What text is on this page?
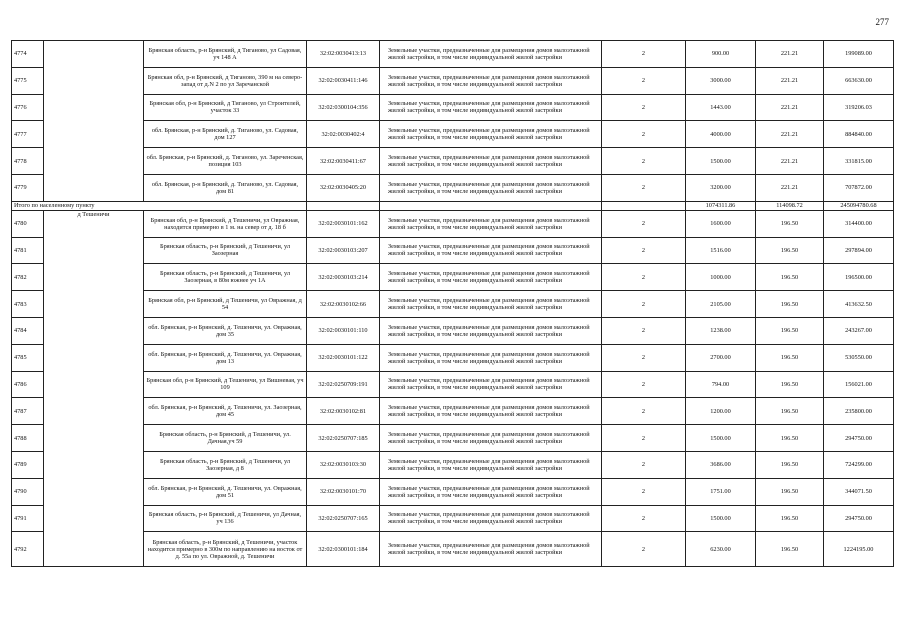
277
4774		Брянская область, р-н Брянский, д Тиганово, ул Садовая, уч 148 А	32:02:0030413:13	Земельные участки, предназначенные для размещения домов малоэтажной жилой застройки, в том числе индивидуальной жилой застройки	2	900.00	221.21	199089.00
4775		Брянская обл, р-н Брянский, д Тиганово, 390 м на северо-запад от д.N 2 по ул Заречанской	32:02:0030411:146	Земельные участки, предназначенные для размещения домов малоэтажной жилой застройки, в том числе индивидуальной жилой застройки	2	3000.00	221.21	663630.00
4776		Брянская обл, р-н Брянский, д Тиганово, ул Строителей, участок 33	32:02:0300104:356	Земельные участки, предназначенные для размещения домов малоэтажной жилой застройки, в том числе индивидуальной жилой застройки	2	1443.00	221.21	319206.03
4777		обл. Брянская, р-н Брянский, д. Тиганово, ул. Садовая, дом 127	32:02:0030402:4	Земельные участки, предназначенные для размещения домов малоэтажной жилой застройки, в том числе индивидуальной жилой застройки	2	4000.00	221.21	884840.00
4778		обл. Брянская, р-н Брянский, д. Тиганово, ул. Зареченская, позиция 103	32:02:0030411:67	Земельные участки, предназначенные для размещения домов малоэтажной жилой застройки, в том числе индивидуальной жилой застройки	2	1500.00	221.21	331815.00
4779		обл. Брянская, р-н Брянский, д. Тиганово, ул. Садовая, дом 81	32:02:0030405:20	Земельные участки, предназначенные для размещения домов малоэтажной жилой застройки, в том числе индивидуальной жилой застройки	2	3200.00	221.21	707872.00
Итого по населенному пункту						1074311.86	114098.72	245094780.68
4780	д Тешеничи	Брянская обл, р-н Брянский, д Тешеничи, ул Овражная, находится примерно в 1 м. на север от д. 18 б	32:02:0030101:162	Земельные участки, предназначенные для размещения домов малоэтажной жилой застройки, в том числе индивидуальной жилой застройки	2	1600.00	196.50	314400.00
4781		Брянская область, р-н Брянский, д Тешеничи, ул Заозерная	32:02:0030103:207	Земельные участки, предназначенные для размещения домов малоэтажной жилой застройки, в том числе индивидуальной жилой застройки	2	1516.00	196.50	297894.00
4782		Брянская область, р-н Брянский, д Тешеничи, ул Заозерная, в 80м южнее уч 1А	32:02:0030103:214	Земельные участки, предназначенные для размещения домов малоэтажной жилой застройки, в том числе индивидуальной жилой застройки	2	1000.00	196.50	196500.00
4783		Брянская обл, р-н Брянский, д Тешеничи, ул Овражная, д 54	32:02:0030102:66	Земельные участки, предназначенные для размещения домов малоэтажной жилой застройки, в том числе индивидуальной жилой застройки	2	2105.00	196.50	413632.50
4784		обл. Брянская, р-н Брянский, д. Тешеничи, ул. Овражная, дом 35	32:02:0030101:110	Земельные участки, предназначенные для размещения домов малоэтажной жилой застройки, в том числе индивидуальной жилой застройки	2	1238.00	196.50	243267.00
4785		обл. Брянская, р-н Брянский, д. Тешеничи, ул. Овражная, дом 13	32:02:0030101:122	Земельные участки, предназначенные для размещения домов малоэтажной жилой застройки, в том числе индивидуальной жилой застройки	2	2700.00	196.50	530550.00
4786		Брянская обл, р-н Брянский, д Тешеничи, ул Вишневая, уч 109	32:02:0250709:191	Земельные участки, предназначенные для размещения домов малоэтажной жилой застройки, в том числе индивидуальной жилой застройки	2	794.00	196.50	156021.00
4787		обл. Брянская, р-н Брянский, д. Тешеничи, ул. Заозерная, дом 45	32:02:0030102:81	Земельные участки, предназначенные для размещения домов малоэтажной жилой застройки, в том числе индивидуальной жилой застройки	2	1200.00	196.50	235800.00
4788		Брянская область, р-н Брянский, д Тешеничи, ул. Дачная,уч 59	32:02:0250707:185	Земельные участки, предназначенные для размещения домов малоэтажной жилой застройки, в том числе индивидуальной жилой застройки	2	1500.00	196.50	294750.00
4789		Брянская область, р-н Брянский, д Тешеничи, ул Заозерная, д 8	32:02:0030103:30	Земельные участки, предназначенные для размещения домов малоэтажной жилой застройки, в том числе индивидуальной жилой застройки	2	3686.00	196.50	724299.00
4790		обл. Брянская, р-н Брянский, д. Тешеничи, ул. Овражная, дом 51	32:02:0030101:70	Земельные участки, предназначенные для размещения домов малоэтажной жилой застройки, в том числе индивидуальной жилой застройки	2	1751.00	196.50	344071.50
4791		Брянская область, р-н Брянский, д Тешеничи, ул Дачная, уч 136	32:02:0250707:165	Земельные участки, предназначенные для размещения домов малоэтажной жилой застройки, в том числе индивидуальной жилой застройки	2	1500.00	196.50	294750.00
4792		Брянская область, р-н Брянский, д Тешеничи, участок находится примерно в 300м по направлению на восток от д. 55а по ул. Овражной, д. Тешеничи	32:02:0300101:184	Земельные участки, предназначенные для размещения домов малоэтажной жилой застройки, в том числе индивидуальной жилой застройки	2	6230.00	196.50	1224195.00
